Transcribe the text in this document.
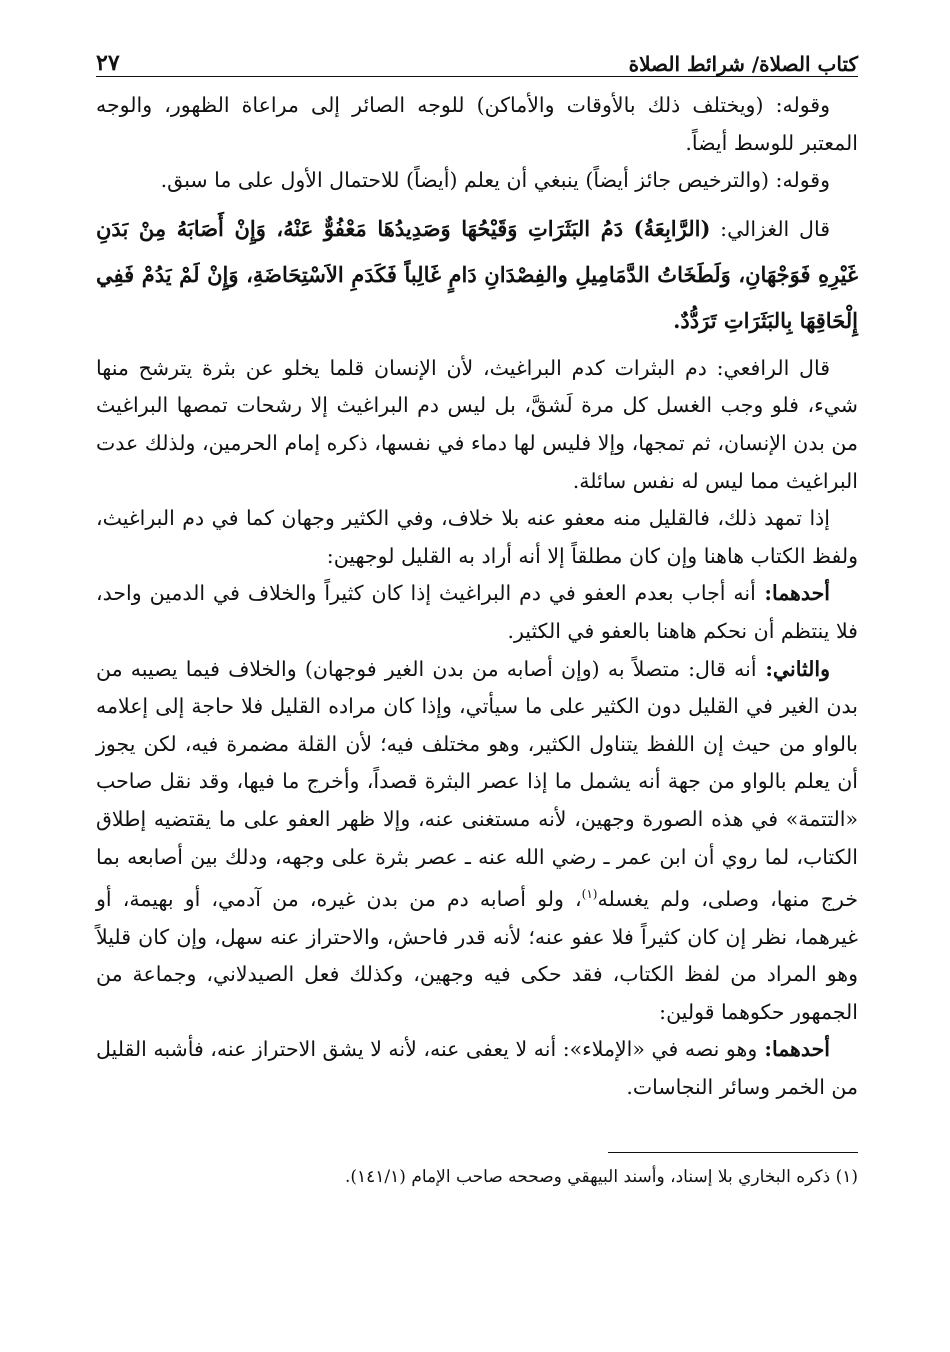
كتاب الصلاة/ شرائط الصلاة
٢٧

وقوله: (ويختلف ذلك بالأوقات والأماكن) للوجه الصائر إلى مراعاة الظهور، والوجه المعتبر للوسط أيضاً.

وقوله: (والترخيص جائز أيضاً) ينبغي أن يعلم (أيضاً) للاحتمال الأول على ما سبق.

قال الغزالي: (الرَّابِعَةُ) دَمُ البَثَرَاتِ وَقَيْحُهَا وَصَدِيدُهَا مَعْفُوٌّ عَنْهُ، وَإِنْ أَصَابَهُ مِنْ بَدَنِ غَيْرِهِ فَوَجْهَانِ، وَلَطَخَاتُ الدَّمَامِيلِ والفِصْدَانِ دَامٍ غَالِباً فَكَدَمِ الاَسْتِحَاضَةِ، وَإِنْ لَمْ يَدُمْ فَفِي إِلْحَاقِهَا بِالبَثَرَاتِ تَرَدُّدٌ.

قال الرافعي: دم البثرات كدم البراغيث، لأن الإنسان قلما يخلو عن بثرة يترشح منها شيء، فلو وجب الغسل كل مرة لَشقَّ، بل ليس دم البراغيث إلا رشحات تمصها البراغيث من بدن الإنسان، ثم تمجها، وإلا فليس لها دماء في نفسها، ذكره إمام الحرمين، ولذلك عدت البراغيث مما ليس له نفس سائلة.

إذا تمهد ذلك، فالقليل منه معفو عنه بلا خلاف، وفي الكثير وجهان كما في دم البراغيث، ولفظ الكتاب هاهنا وإن كان مطلقاً إلا أنه أراد به القليل لوجهين:

أحدهما: أنه أجاب بعدم العفو في دم البراغيث إذا كان كثيراً والخلاف في الدمين واحد، فلا ينتظم أن نحكم هاهنا بالعفو في الكثير.

والثاني: أنه قال: متصلاً به (وإن أصابه من بدن الغير فوجهان) والخلاف فيما يصيبه من بدن الغير في القليل دون الكثير على ما سيأتي، وإذا كان مراده القليل فلا حاجة إلى إعلامه بالواو من حيث إن اللفظ يتناول الكثير، وهو مختلف فيه؛ لأن القلة مضمرة فيه، لكن يجوز أن يعلم بالواو من جهة أنه يشمل ما إذا عصر البثرة قصداً، وأخرج ما فيها، وقد نقل صاحب «التتمة» في هذه الصورة وجهين، لأنه مستغنى عنه، وإلا ظهر العفو على ما يقتضيه إطلاق الكتاب، لما روي أن ابن عمر ـ رضي الله عنه ـ عصر بثرة على وجهه، ودلك بين أصابعه بما خرج منها، وصلى، ولم يغسله$^{(١)}$، ولو أصابه دم من بدن غيره، من آدمي، أو بهيمة، أو غيرهما، نظر إن كان كثيراً فلا عفو عنه؛ لأنه قدر فاحش، والاحتراز عنه سهل، وإن كان قليلاً وهو المراد من لفظ الكتاب، فقد حكى فيه وجهين، وكذلك فعل الصيدلاني، وجماعة من الجمهور حكوهما قولين:

أحدهما: وهو نصه في «الإملاء»: أنه لا يعفى عنه، لأنه لا يشق الاحتراز عنه، فأشبه القليل من الخمر وسائر النجاسات.

(١) ذكره البخاري بلا إسناد، وأسند البيهقي وصححه صاحب الإمام (١٤١/١).
